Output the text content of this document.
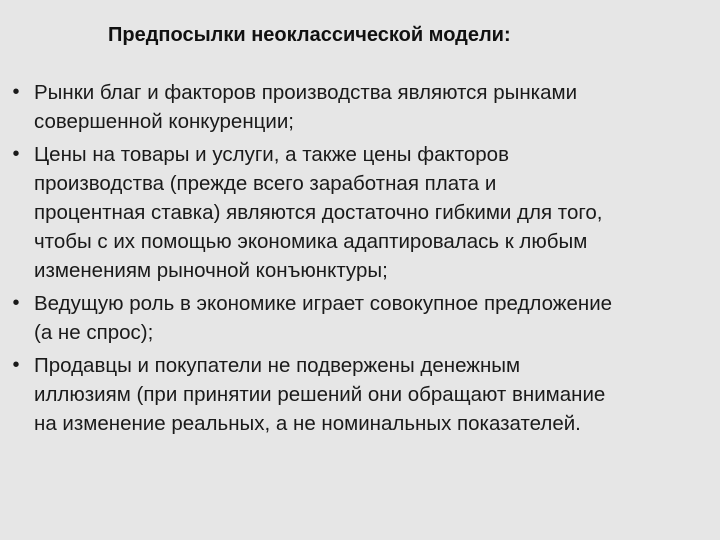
Предпосылки неоклассической модели:
• Рынки благ и факторов производства являются рынками
совершенной конкуренции;
• Цены на товары и услуги, а также цены факторов
производства (прежде всего заработная плата и
процентная ставка) являются достаточно гибкими для того,
чтобы с их помощью экономика адаптировалась к любым
изменениям рыночной конъюнктуры;
• Ведущую роль в экономике играет совокупное предложение
(а не спрос);
• Продавцы и покупатели не подвержены денежным
иллюзиям (при принятии решений они обращают внимание
на изменение реальных, а не номинальных показателей.
